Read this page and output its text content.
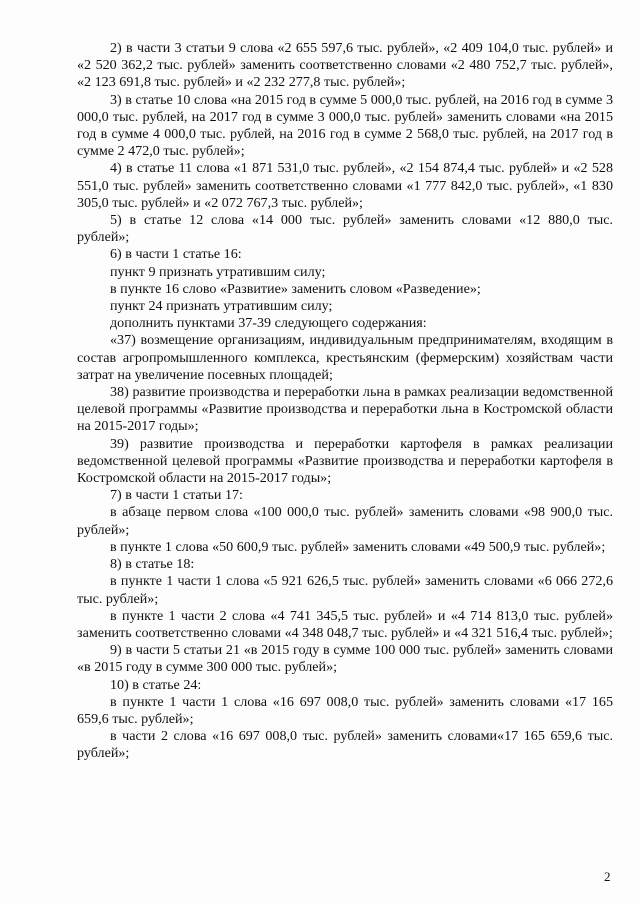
2) в части 3 статьи 9 слова «2 655 597,6 тыс. рублей», «2 409 104,0 тыс. рублей» и «2 520 362,2 тыс. рублей» заменить соответственно словами «2 480 752,7 тыс. рублей», «2 123 691,8 тыс. рублей» и «2 232 277,8 тыс. рублей»;

3) в статье 10 слова «на 2015 год в сумме 5 000,0 тыс. рублей, на 2016 год в сумме 3 000,0 тыс. рублей, на 2017 год в сумме 3 000,0 тыс. рублей» заменить словами «на 2015 год в сумме 4 000,0 тыс. рублей, на 2016 год в сумме 2 568,0 тыс. рублей, на 2017 год в сумме 2 472,0 тыс. рублей»;

4) в статье 11 слова «1 871 531,0 тыс. рублей», «2 154 874,4 тыс. рублей» и «2 528 551,0 тыс. рублей» заменить соответственно словами «1 777 842,0 тыс. рублей», «1 830 305,0 тыс. рублей» и «2 072 767,3 тыс. рублей»;

5) в статье 12 слова «14 000 тыс. рублей» заменить словами «12 880,0 тыс. рублей»;

6) в части 1 статье 16:

пункт 9 признать утратившим силу;

в пункте 16 слово «Развитие» заменить словом «Разведение»;

пункт 24 признать утратившим силу;

дополнить пунктами 37-39 следующего содержания:

«37) возмещение организациям, индивидуальным предпринимателям, входящим в состав агропромышленного комплекса, крестьянским (фермерским) хозяйствам части затрат на увеличение посевных площадей;

38) развитие производства и переработки льна в рамках реализации ведомственной целевой программы «Развитие производства и переработки льна в Костромской области на 2015-2017 годы»;

39) развитие производства и переработки картофеля в рамках реализации ведомственной целевой программы «Развитие производства и переработки картофеля в Костромской области на 2015-2017 годы»;

7) в части 1 статьи 17:

в абзаце первом слова «100 000,0 тыс. рублей» заменить словами «98 900,0 тыс. рублей»;

в пункте 1 слова «50 600,9 тыс. рублей» заменить словами «49 500,9 тыс. рублей»;

8) в статье 18:

в пункте 1 части 1 слова «5 921 626,5 тыс. рублей» заменить словами «6 066 272,6 тыс. рублей»;

в пункте 1 части 2 слова «4 741 345,5 тыс. рублей» и «4 714 813,0 тыс. рублей» заменить соответственно словами «4 348 048,7 тыс. рублей» и «4 321 516,4 тыс. рублей»;

9) в части 5 статьи 21 «в 2015 году в сумме 100 000 тыс. рублей» заменить словами «в 2015 году в сумме 300 000 тыс. рублей»;

10) в статье 24:

в пункте 1 части 1 слова «16 697 008,0 тыс. рублей» заменить словами «17 165 659,6 тыс. рублей»;

в части 2 слова «16 697 008,0 тыс. рублей» заменить словами«17 165 659,6 тыс. рублей»;

2
